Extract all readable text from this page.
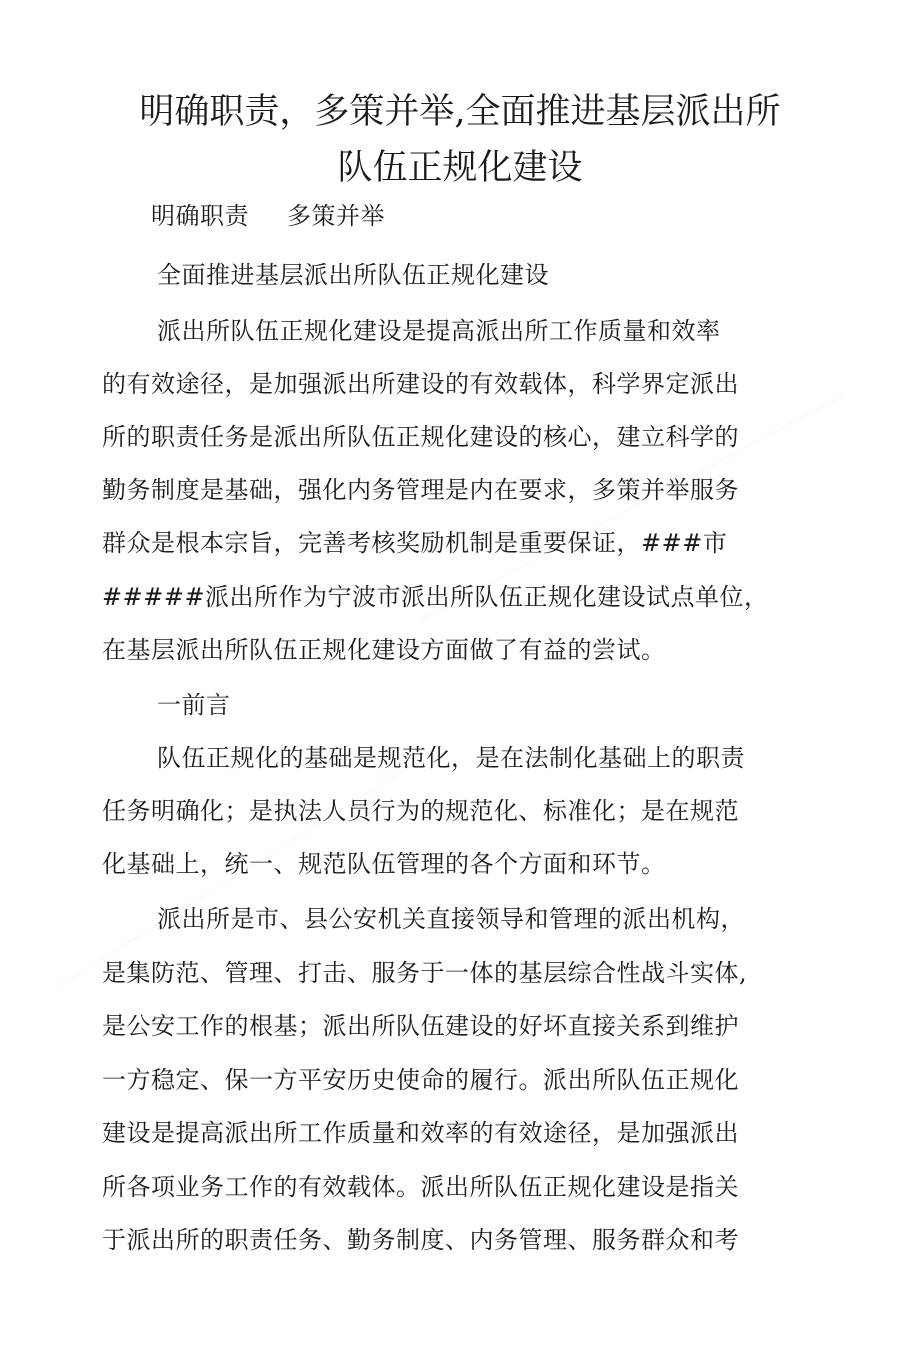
明确职责，多策并举,全面推进基层派出所
队伍正规化建设
明确职责 多策并举
全面推进基层派出所队伍正规化建设
派出所队伍正规化建设是提高派出所工作质量和效率
的有效途径，是加强派出所建设的有效载体，科学界定派出
所的职责任务是派出所队伍正规化建设的核心，建立科学的
勤务制度是基础，强化内务管理是内在要求，多策并举服务
群众是根本宗旨，完善考核奖励机制是重要保证，###市
#####派出所作为宁波市派出所队伍正规化建设试点单位，
在基层派出所队伍正规化建设方面做了有益的尝试。
一前言
队伍正规化的基础是规范化，是在法制化基础上的职责
任务明确化；是执法人员行为的规范化、标准化；是在规范
化基础上，统一、规范队伍管理的各个方面和环节。
派出所是市、县公安机关直接领导和管理的派出机构，
是集防范、管理、打击、服务于一体的基层综合性战斗实体,
是公安工作的根基；派出所队伍建设的好坏直接关系到维护
一方稳定、保一方平安历史使命的履行。派出所队伍正规化
建设是提高派出所工作质量和效率的有效途径，是加强派出
所各项业务工作的有效载体。派出所队伍正规化建设是指关
于派出所的职责任务、勤务制度、内务管理、服务群众和考
